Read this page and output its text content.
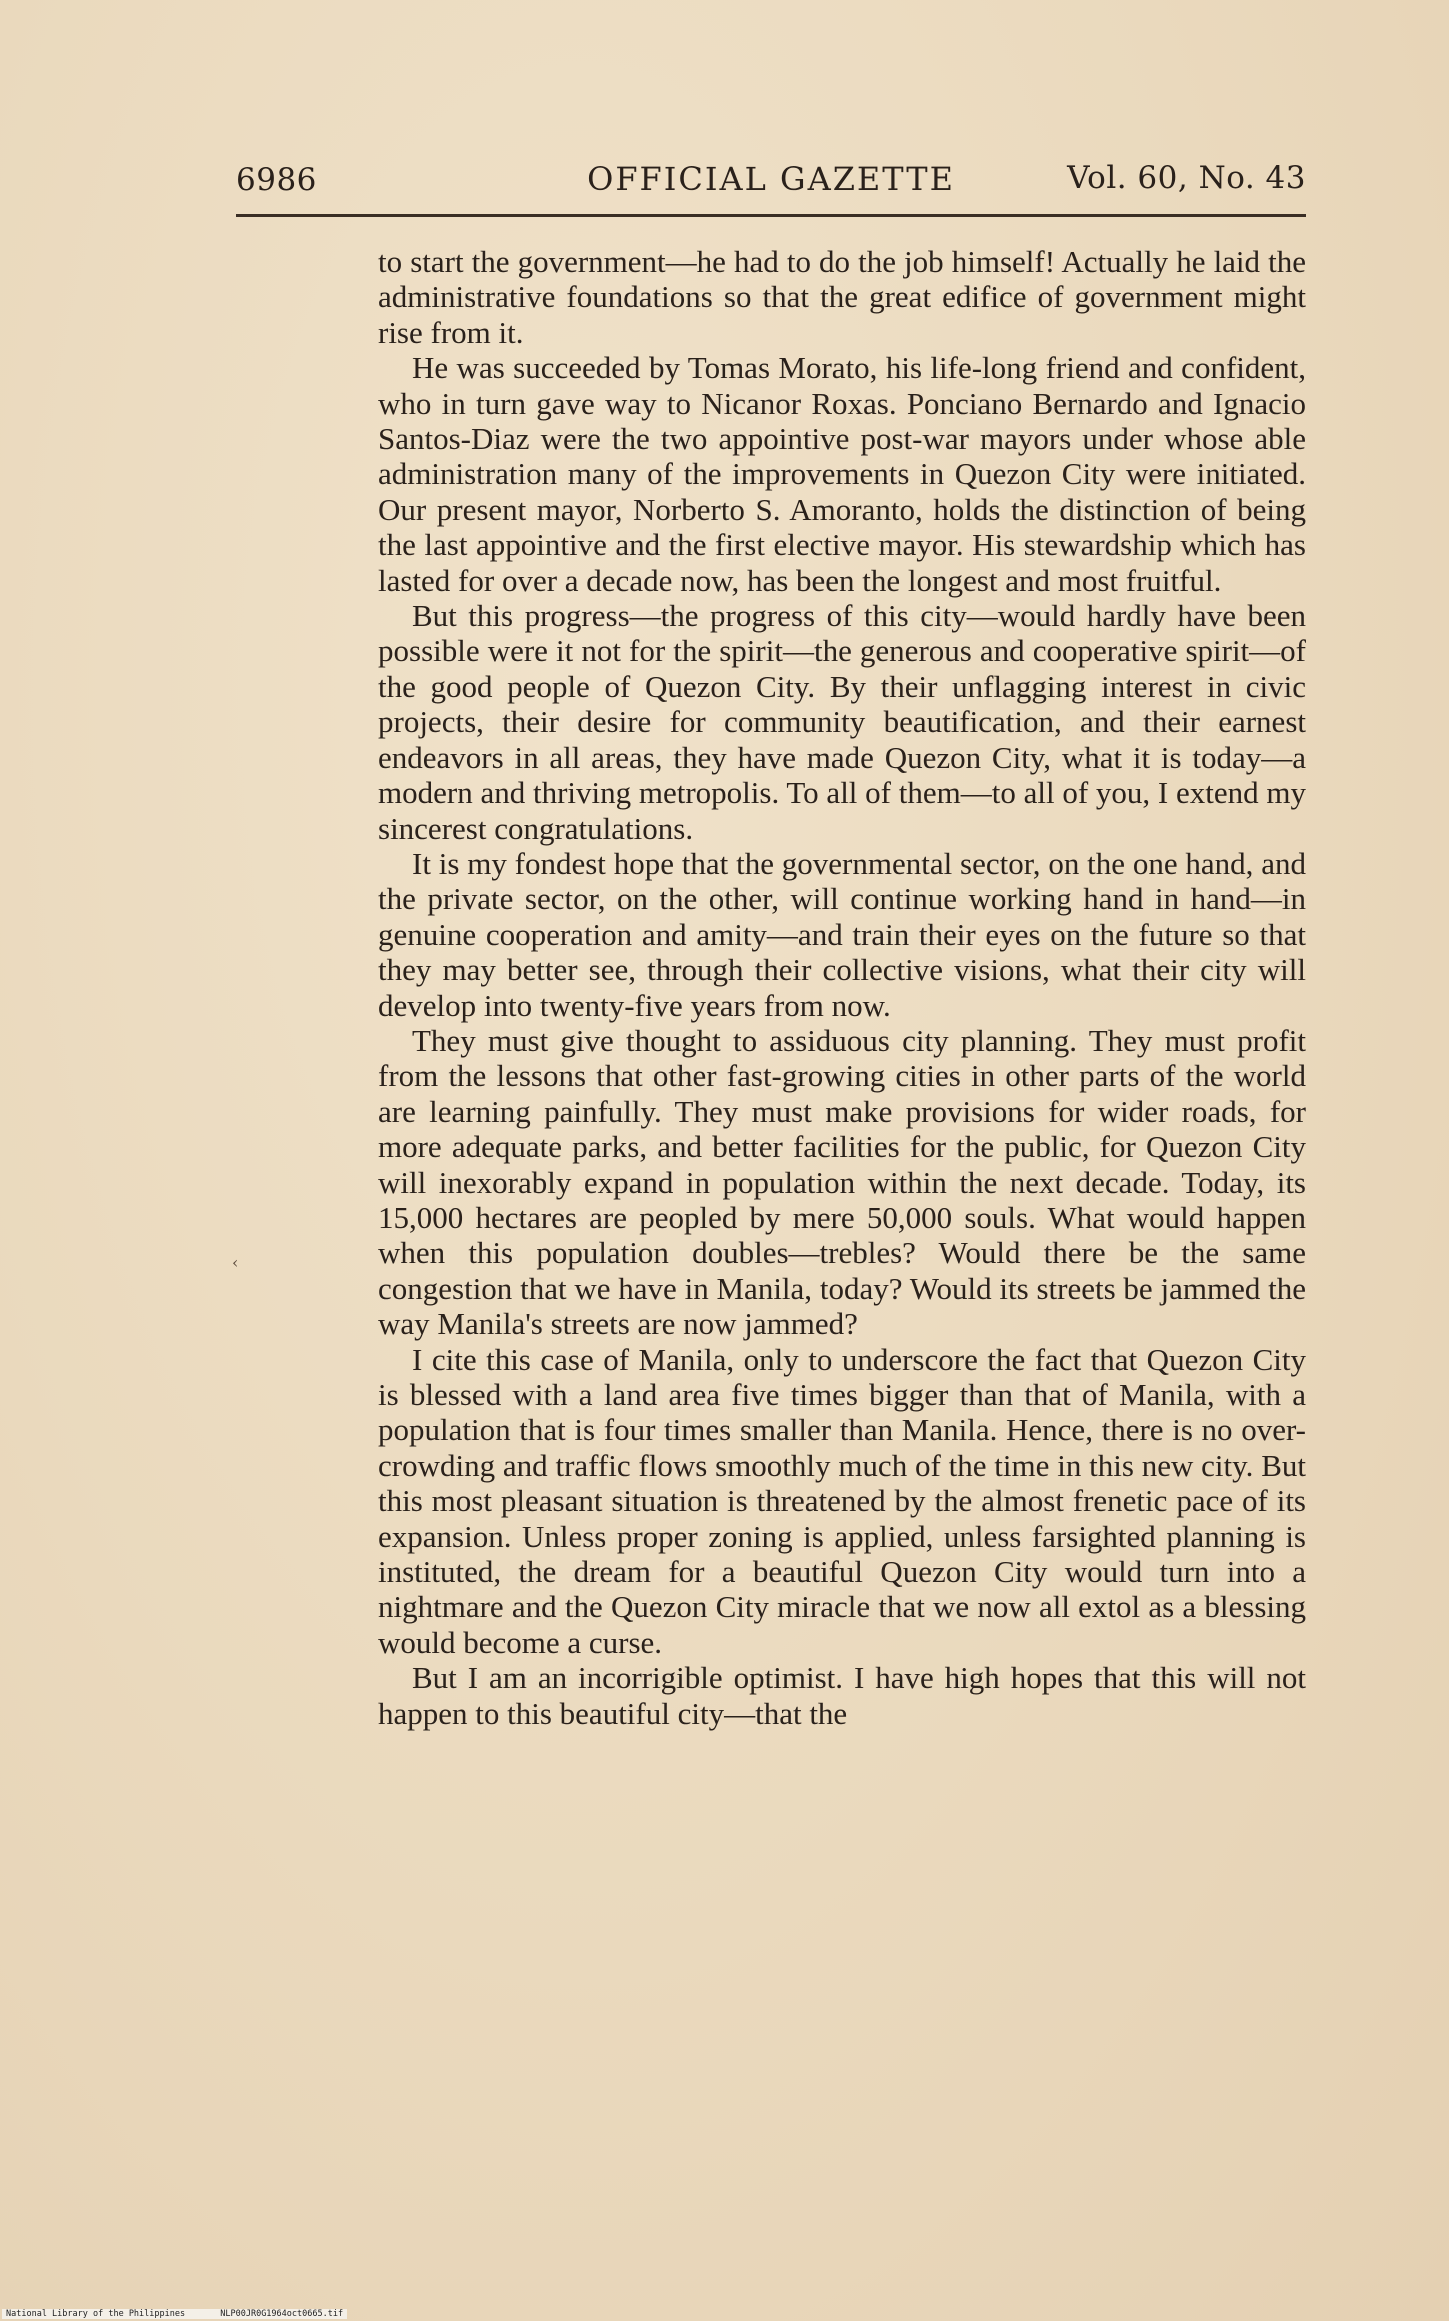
6986	OFFICIAL GAZETTE	Vol. 60, No. 43

to start the government—he had to do the job himself! Actually he laid the administrative foundations so that the great edifice of government might rise from it.

He was succeeded by Tomas Morato, his life-long friend and confident, who in turn gave way to Nicanor Roxas. Ponciano Bernardo and Ignacio Santos-Diaz were the two appointive post-war mayors under whose able administration many of the improvements in Quezon City were initiated. Our present mayor, Norberto S. Amoranto, holds the distinction of being the last appointive and the first elective mayor. His stewardship which has lasted for over a decade now, has been the longest and most fruitful.

But this progress—the progress of this city—would hardly have been possible were it not for the spirit—the generous and cooperative spirit—of the good people of Quezon City. By their unflagging interest in civic projects, their desire for community beautification, and their earnest endeavors in all areas, they have made Quezon City, what it is today—a modern and thriving metropolis. To all of them—to all of you, I extend my sincerest congratulations.

It is my fondest hope that the governmental sector, on the one hand, and the private sector, on the other, will continue working hand in hand—in genuine cooperation and amity—and train their eyes on the future so that they may better see, through their collective visions, what their city will develop into twenty-five years from now.

They must give thought to assiduous city planning. They must profit from the lessons that other fast-growing cities in other parts of the world are learning painfully. They must make provisions for wider roads, for more adequate parks, and better facilities for the public, for Quezon City will inexorably expand in population within the next decade. Today, its 15,000 hectares are peopled by mere 50,000 souls. What would happen when this population doubles—trebles? Would there be the same congestion that we have in Manila, today? Would its streets be jammed the way Manila's streets are now jammed?

I cite this case of Manila, only to underscore the fact that Quezon City is blessed with a land area five times bigger than that of Manila, with a population that is four times smaller than Manila. Hence, there is no over-crowding and traffic flows smoothly much of the time in this new city. But this most pleasant situation is threatened by the almost frenetic pace of its expansion. Unless proper zoning is applied, unless farsighted planning is instituted, the dream for a beautiful Quezon City would turn into a nightmare and the Quezon City miracle that we now all extol as a blessing would become a curse.

But I am an incorrigible optimist. I have high hopes that this will not happen to this beautiful city—that the

‹
National Library of the Philippines	NLP00JR0G1964oct0665.tif
